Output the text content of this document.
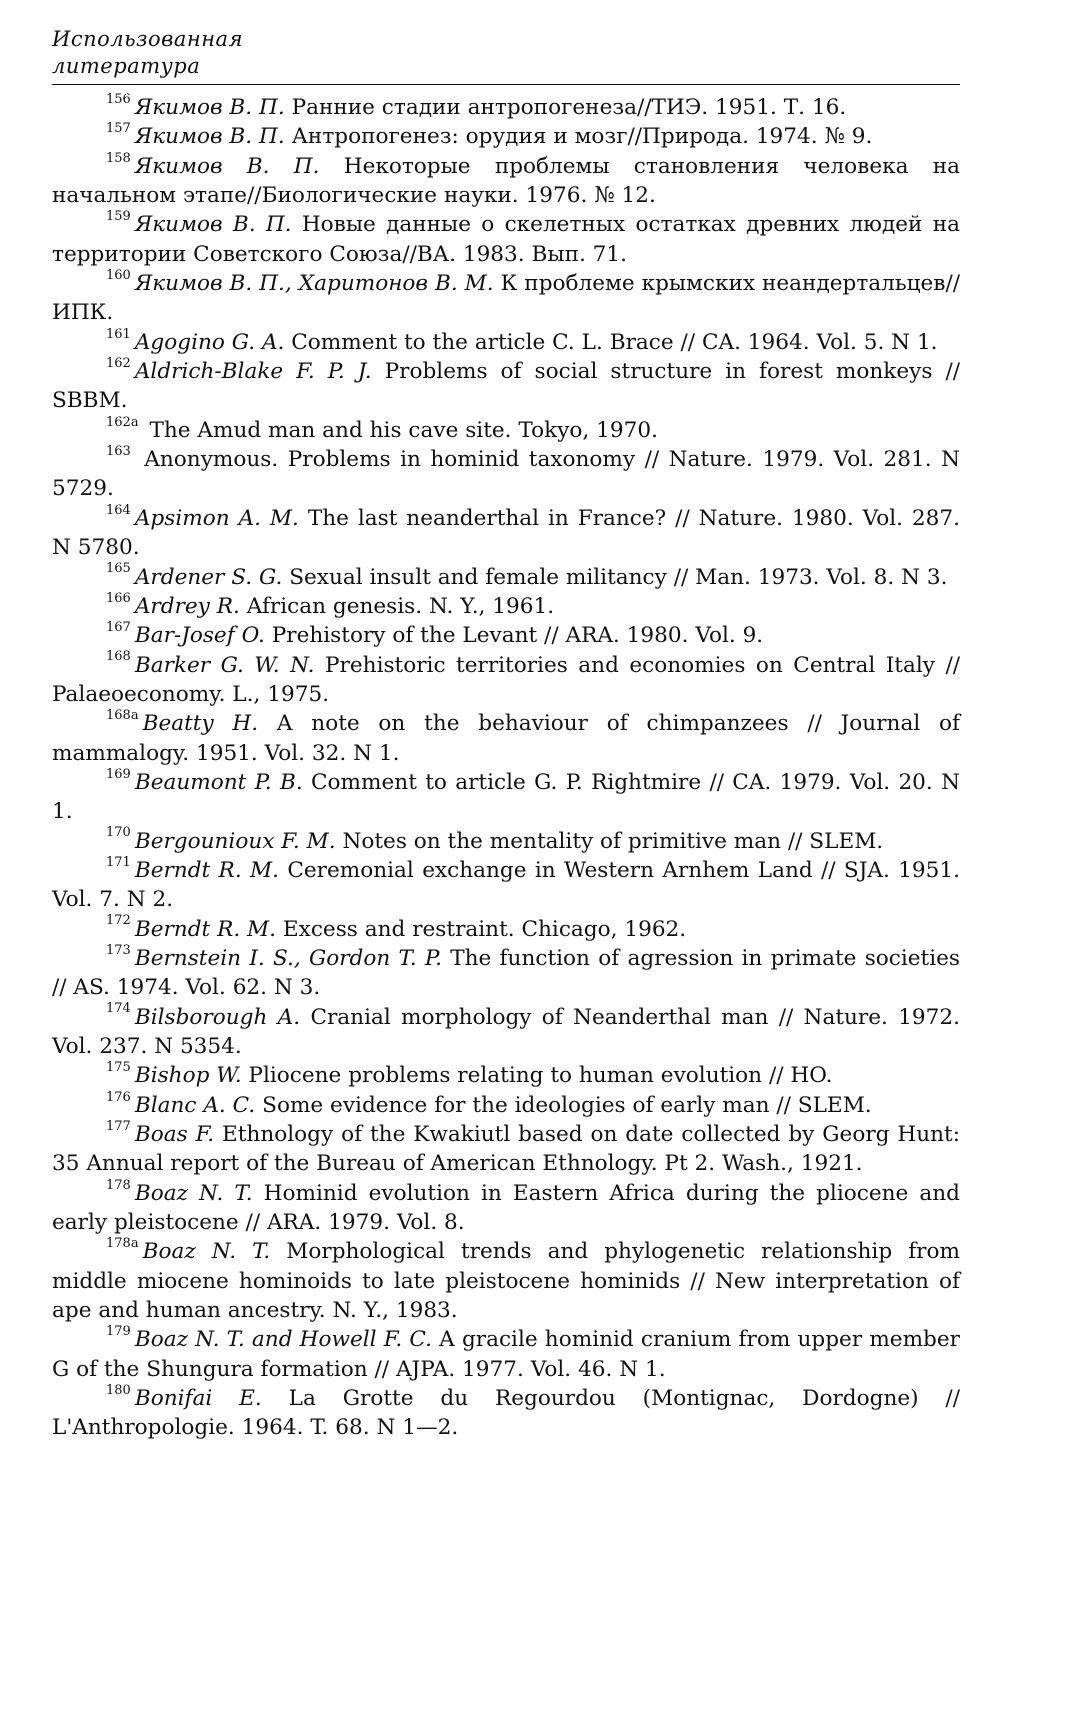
Использованная
литература
$^{156}$ Якимов В. П. Ранние стадии антропогенеза//ТИЭ. 1951. Т. 16.
$^{157}$ Якимов В. П. Антропогенез: орудия и мозг//Природа. 1974. № 9.
$^{158}$ Якимов В. П. Некоторые проблемы становления человека на начальном этапе//Биологические науки. 1976. № 12.
$^{159}$ Якимов В. П. Новые данные о скелетных остатках древних людей на территории Советского Союза//ВА. 1983. Вып. 71.
$^{160}$ Якимов В. П., Харитонов В. М. К проблеме крымских неандертальцев//ИПК.
$^{161}$ Agogino G. A. Comment to the article C. L. Brace // CA. 1964. Vol. 5. N 1.
$^{162}$ Aldrich-Blake F. P. J. Problems of social structure in forest monkeys // SBBM.
$^{162a}$ The Amud man and his cave site. Tokyo, 1970.
$^{163}$ Anonymous. Problems in hominid taxonomy // Nature. 1979. Vol. 281. N 5729.
$^{164}$ Apsimon A. M. The last neanderthal in France? // Nature. 1980. Vol. 287. N 5780.
$^{165}$ Ardener S. G. Sexual insult and female militancy // Man. 1973. Vol. 8. N 3.
$^{166}$ Ardrey R. African genesis. N. Y., 1961.
$^{167}$ Bar-Josef O. Prehistory of the Levant // ARA. 1980. Vol. 9.
$^{168}$ Barker G. W. N. Prehistoric territories and economies on Central Italy // Palaeoeconomy. L., 1975.
$^{168a}$ Beatty H. A note on the behaviour of chimpanzees // Journal of mammalogy. 1951. Vol. 32. N 1.
$^{169}$ Beaumont P. B. Comment to article G. P. Rightmire // CA. 1979. Vol. 20. N 1.
$^{170}$ Bergounioux F. M. Notes on the mentality of primitive man // SLEM.
$^{171}$ Berndt R. M. Ceremonial exchange in Western Arnhem Land // SJA. 1951. Vol. 7. N 2.
$^{172}$ Berndt R. M. Excess and restraint. Chicago, 1962.
$^{173}$ Bernstein I. S., Gordon T. P. The function of agression in primate societies // AS. 1974. Vol. 62. N 3.
$^{174}$ Bilsborough A. Cranial morphology of Neanderthal man // Nature. 1972. Vol. 237. N 5354.
$^{175}$ Bishop W. Pliocene problems relating to human evolution // HO.
$^{176}$ Blanc A. C. Some evidence for the ideologies of early man // SLEM.
$^{177}$ Boas F. Ethnology of the Kwakiutl based on date collected by Georg Hunt: 35 Annual report of the Bureau of American Ethnology. Pt 2. Wash., 1921.
$^{178}$ Boaz N. T. Hominid evolution in Eastern Africa during the pliocene and early pleistocene // ARA. 1979. Vol. 8.
$^{178a}$ Boaz N. T. Morphological trends and phylogenetic relationship from middle miocene hominoids to late pleistocene hominids // New interpretation of ape and human ancestry. N. Y., 1983.
$^{179}$ Boaz N. T. and Howell F. C. A gracile hominid cranium from upper member G of the Shungura formation // AJPA. 1977. Vol. 46. N 1.
$^{180}$ Bonifai E. La Grotte du Regourdou (Montignac, Dordogne) // L'Anthropologie. 1964. T. 68. N 1—2.
